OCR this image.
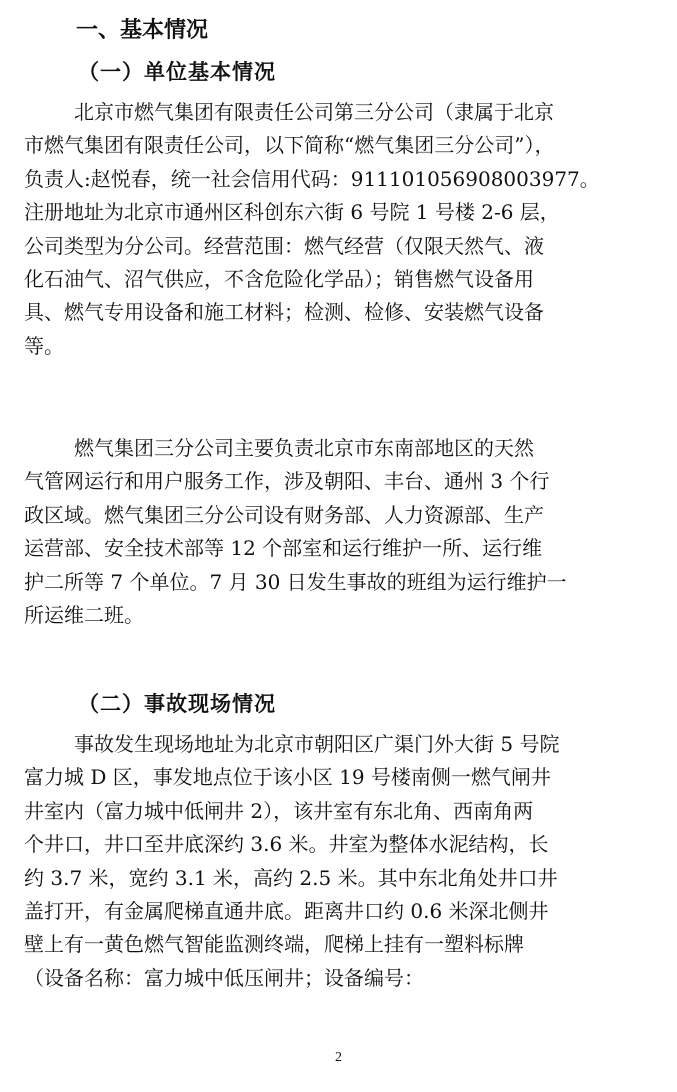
一、基本情况
（一）单位基本情况

北京市燃气集团有限责任公司第三分公司（隶属于北京
市燃气集团有限责任公司，以下简称“燃气集团三分公司”），
负责人:赵悦春，统一社会信用代码：91110105690800397​7。
注册地址为北京市通州区科创东六街 6 号院 1 号楼 2-6 层，
公司类型为分公司。经营范围：燃气经营（仅限天然气、液
化石油气、沼气供应，不含危险化学品）；销售燃气设备用
具、燃气专用设备和施工材料；检测、检修、安装燃气设备
等。

燃气集团三分公司主要负责北京市东南部地区的天然
气管网运行和用户服务工作，涉及朝阳、丰台、通州 3 个行
政区域。燃气集团三分公司设有财务部、人力资源部、生产
运营部、安全技术部等 12 个部室和运行维护一所、运行维
护二所等 7 个单位。7 月 30 日发生事故的班组为运行维护一
所运维二班。

（二）事故现场情况

事故发生现场地址为北京市朝阳区广渠门外大街 5 号院
富力城 D 区，事发地点位于该小区 19 号楼南侧一燃气闸井
井室内（富力城中低闸井 2），该井室有东北角、西南角两
个井口，井口至井底深约 3.6 米。井室为整体水泥结构，长
约 3.7 米，宽约 3.1 米，高约 2.5 米。其中东北角处井口井
盖打开，有金属爬梯直通井底。距离井口约 0.6 米深北侧井
壁上有一黄色燃气智能监测终端，爬梯上挂有一塑料标牌
（设备名称：富力城中低压闸井；设备编号：

2
